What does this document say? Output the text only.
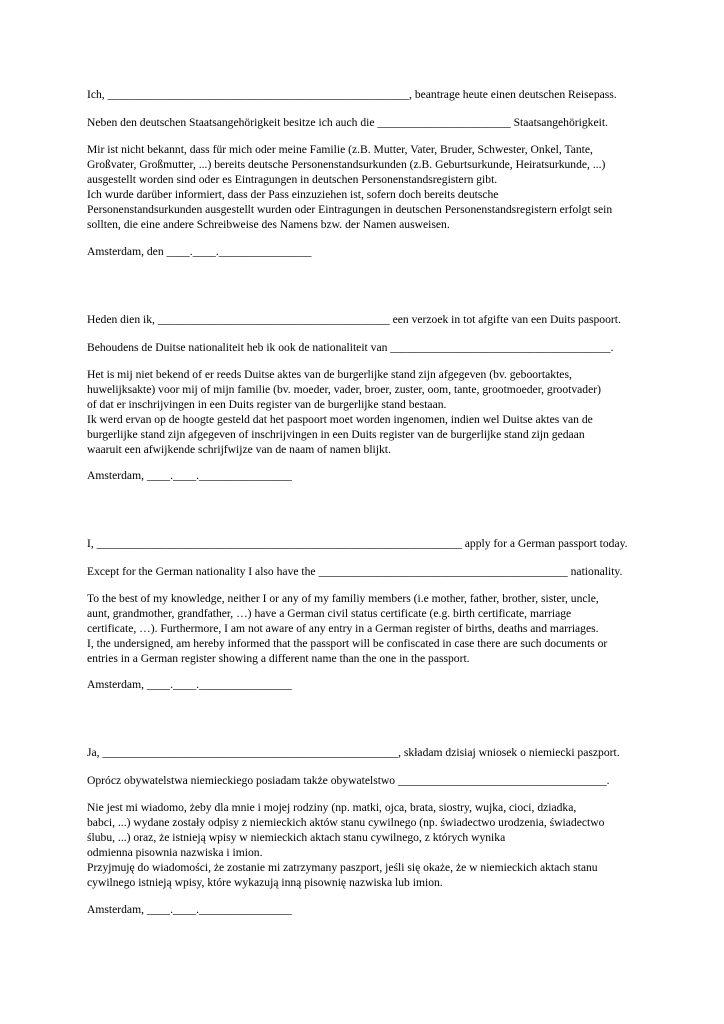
Ich, ____________________________________________________, beantrage heute einen deutschen Reisepass.
Neben den deutschen Staatsangehörigkeit besitze ich auch die _______________________ Staatsangehörigkeit.
Mir ist nicht bekannt, dass für mich oder meine Familie (z.B. Mutter, Vater, Bruder, Schwester, Onkel, Tante,
Großvater, Großmutter, ...) bereits deutsche Personenstandsurkunden (z.B. Geburtsurkunde, Heiratsurkunde, ...)
ausgestellt worden sind oder es Eintragungen in deutschen Personenstandsregistern gibt.
Ich wurde darüber informiert, dass der Pass einzuziehen ist, sofern doch bereits deutsche
Personenstandsurkunden ausgestellt wurden oder Eintragungen in deutschen Personenstandsregistern erfolgt sein
sollten, die eine andere Schreibweise des Namens bzw. der Namen ausweisen.
Amsterdam, den ____.____.________________
Heden dien ik, ________________________________________ een verzoek in tot afgifte van een Duits paspoort.
Behoudens de Duitse nationaliteit heb ik ook de nationaliteit van ______________________________________.
Het is mij niet bekend of er reeds Duitse aktes van de burgerlijke stand zijn afgegeven (bv. geboortaktes,
huwelijksakte) voor mij of mijn familie (bv. moeder, vader, broer, zuster, oom, tante, grootmoeder, grootvader)
of dat er inschrijvingen in een Duits register van de burgerlijke stand bestaan.
Ik werd ervan op de hoogte gesteld dat het paspoort moet worden ingenomen, indien wel Duitse aktes van de
burgerlijke stand zijn afgegeven of inschrijvingen in een Duits register van de burgerlijke stand zijn gedaan
waaruit een afwijkende schrijfwijze van de naam of namen blijkt.
Amsterdam, ____.____.________________
I, _______________________________________________________________ apply for a German passport today.
Except for the German nationality I also have the ___________________________________________ nationality.
To the best of my knowledge, neither I or any of my familiy members (i.e mother, father, brother, sister, uncle,
aunt, grandmother, grandfather, …) have a German civil status certificate (e.g. birth certificate, marriage
certificate, …). Furthermore, I am not aware of any entry in a German register of births, deaths and marriages.
I, the undersigned, am hereby informed that the passport will be confiscated in case there are such documents or
entries in a German register showing a different name than the one in the passport.
Amsterdam, ____.____.________________
Ja, ___________________________________________________, składam dzisiaj wniosek o niemiecki paszport.
Oprócz obywatelstwa niemieckiego posiadam także obywatelstwo ____________________________________.
Nie jest mi wiadomo, żeby dla mnie i mojej rodziny (np. matki, ojca, brata, siostry, wujka, cioci, dziadka,
babci, ...) wydane zostały odpisy z niemieckich aktów stanu cywilnego (np. świadectwo urodzenia, świadectwo
ślubu, ...) oraz, że istnieją wpisy w niemieckich aktach stanu cywilnego, z których wynika
odmienna pisownia nazwiska i imion.
Przyjmuję do wiadomości, że zostanie mi zatrzymany paszport, jeśli się okaże, że w niemieckich aktach stanu
cywilnego istnieją wpisy, które wykazują inną pisownię nazwiska lub imion.
Amsterdam, ____.____.________________
